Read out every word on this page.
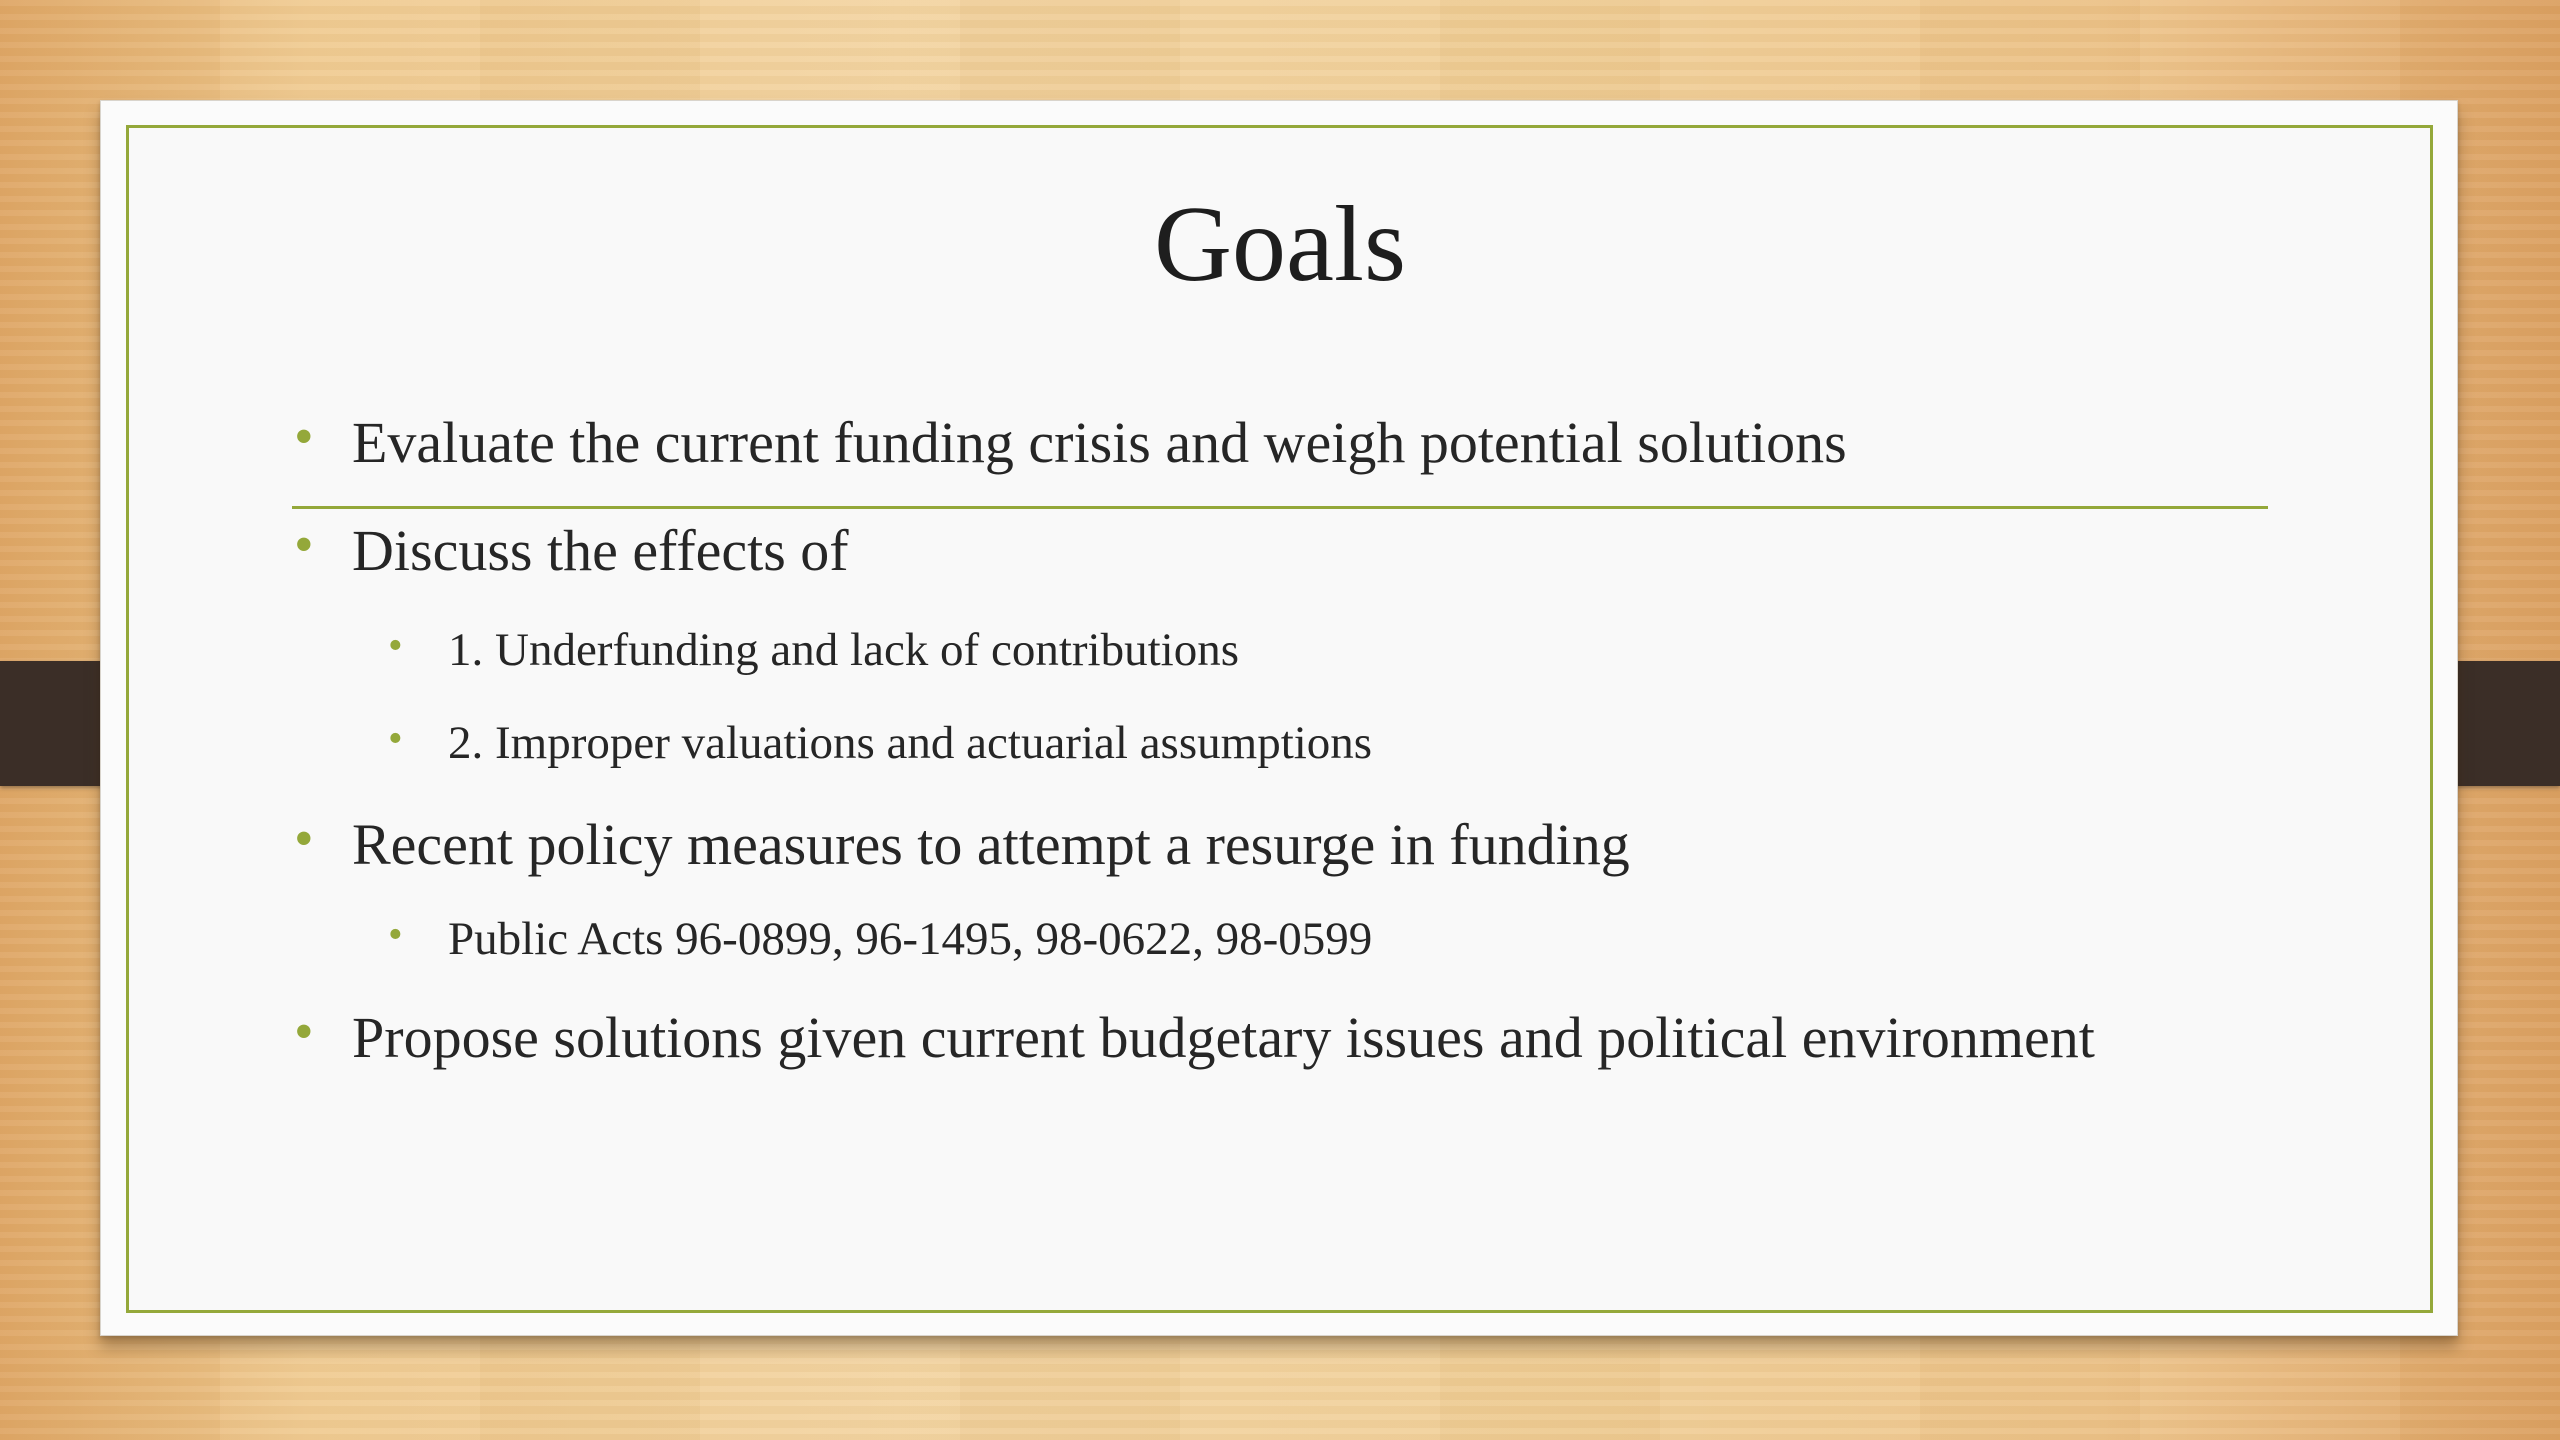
Goals
• Evaluate the current funding crisis and weigh potential solutions
• Discuss the effects of
• 1. Underfunding and lack of contributions
• 2. Improper valuations and actuarial assumptions
• Recent policy measures to attempt a resurge in funding
• Public Acts 96-0899, 96-1495, 98-0622, 98-0599
• Propose solutions given current budgetary issues and political environment
